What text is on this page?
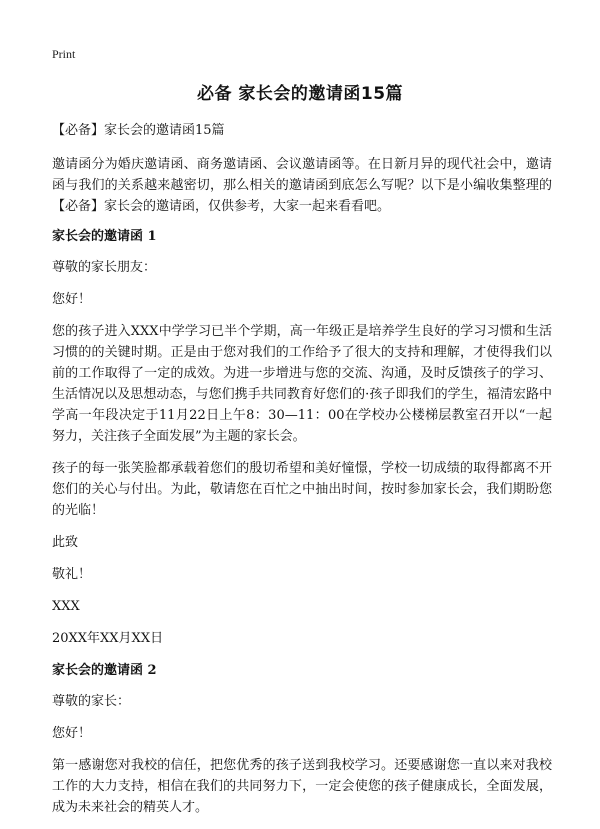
Print
必备 家长会的邀请函15篇

【必备】家长会的邀请函15篇

邀请函分为婚庆邀请函、商务邀请函、会议邀请函等。在日新月异的现代社会中，邀请函与我们的关系越来越密切，那么相关的邀请函到底怎么写呢？以下是小编收集整理的【必备】家长会的邀请函，仅供参考，大家一起来看看吧。

家长会的邀请函 1

尊敬的家长朋友：

您好！

您的孩子进入XXX中学学习已半个学期，高一年级正是培养学生良好的学习习惯和生活习惯的的关键时期。正是由于您对我们的工作给予了很大的支持和理解，才使得我们以前的工作取得了一定的成效。为进一步增进与您的交流、沟通，及时反馈孩子的学习、生活情况以及思想动态，与您们携手共同教育好您们的·孩子即我们的学生，福清宏路中学高一年段决定于11月22日上午8：30—11：00在学校办公楼梯层教室召开以“一起努力，关注孩子全面发展”为主题的家长会。

孩子的每一张笑脸都承载着您们的殷切希望和美好憧憬，学校一切成绩的取得都离不开您们的关心与付出。为此，敬请您在百忙之中抽出时间，按时参加家长会，我们期盼您的光临！

此致

敬礼！

XXX

20XX年XX月XX日

家长会的邀请函 2

尊敬的家长：

您好！

第一感谢您对我校的信任，把您优秀的孩子送到我校学习。还要感谢您一直以来对我校工作的大力支持，相信在我们的共同努力下，一定会使您的孩子健康成长，全面发展，成为未来社会的精英人才。
